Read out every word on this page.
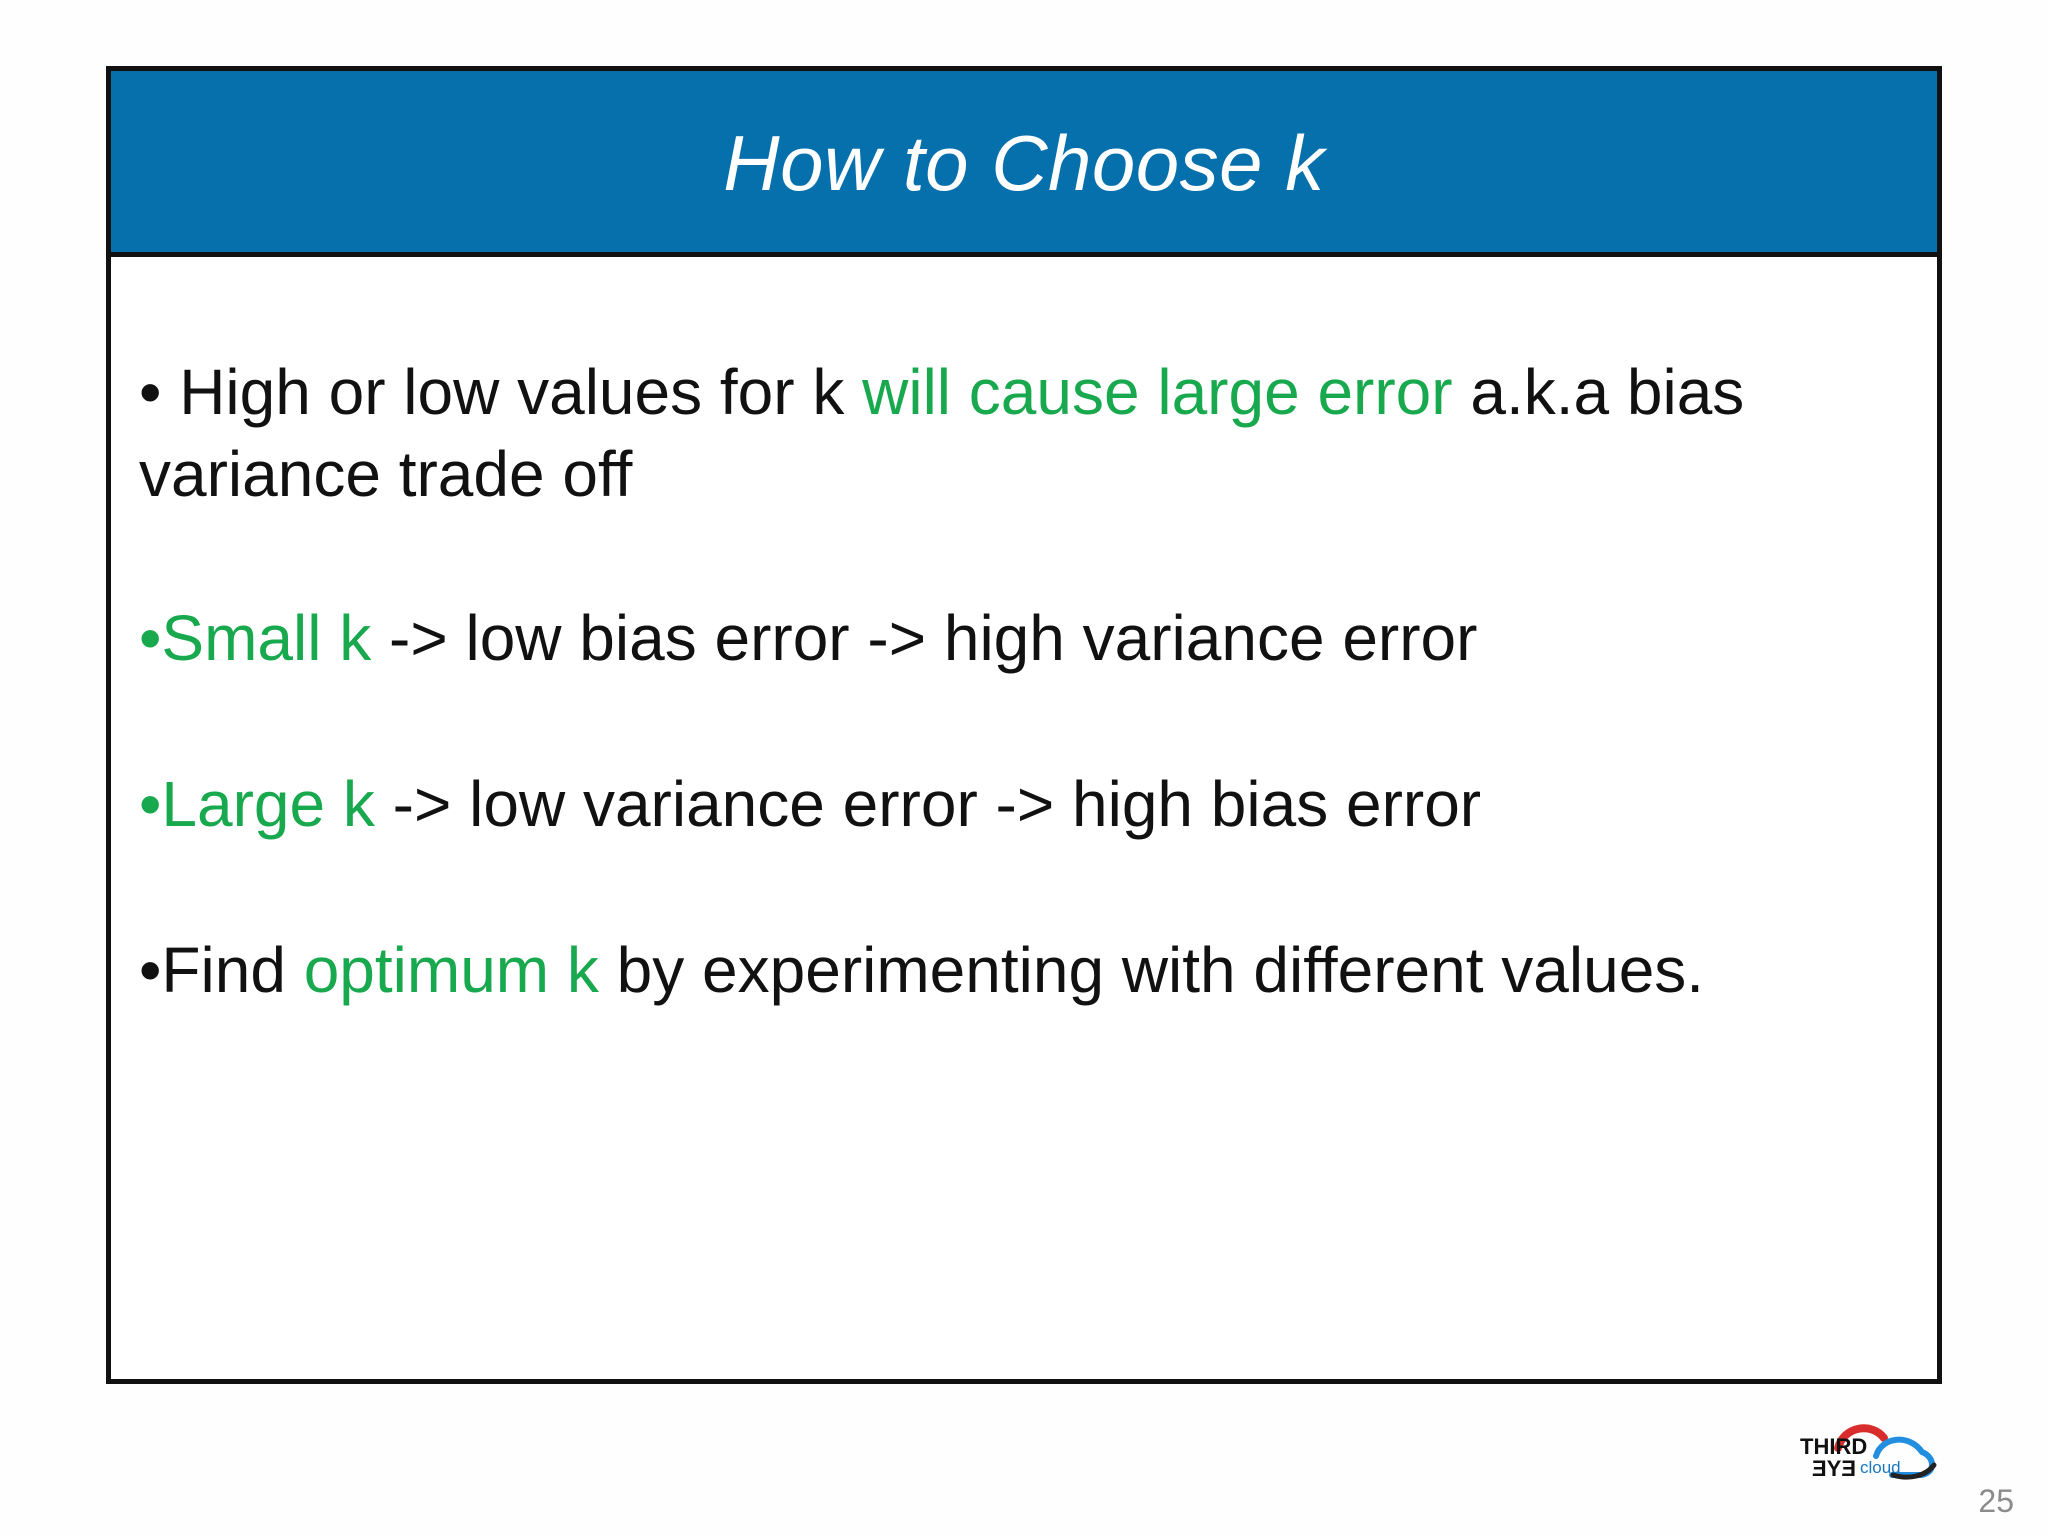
How to Choose k

• High or low values for k will cause large error a.k.a bias
variance trade off

•Small k -> low bias error -> high variance error

•Large k -> low variance error -> high bias error

•Find optimum k by experimenting with different values.

THIRD
EYE cloud
25
